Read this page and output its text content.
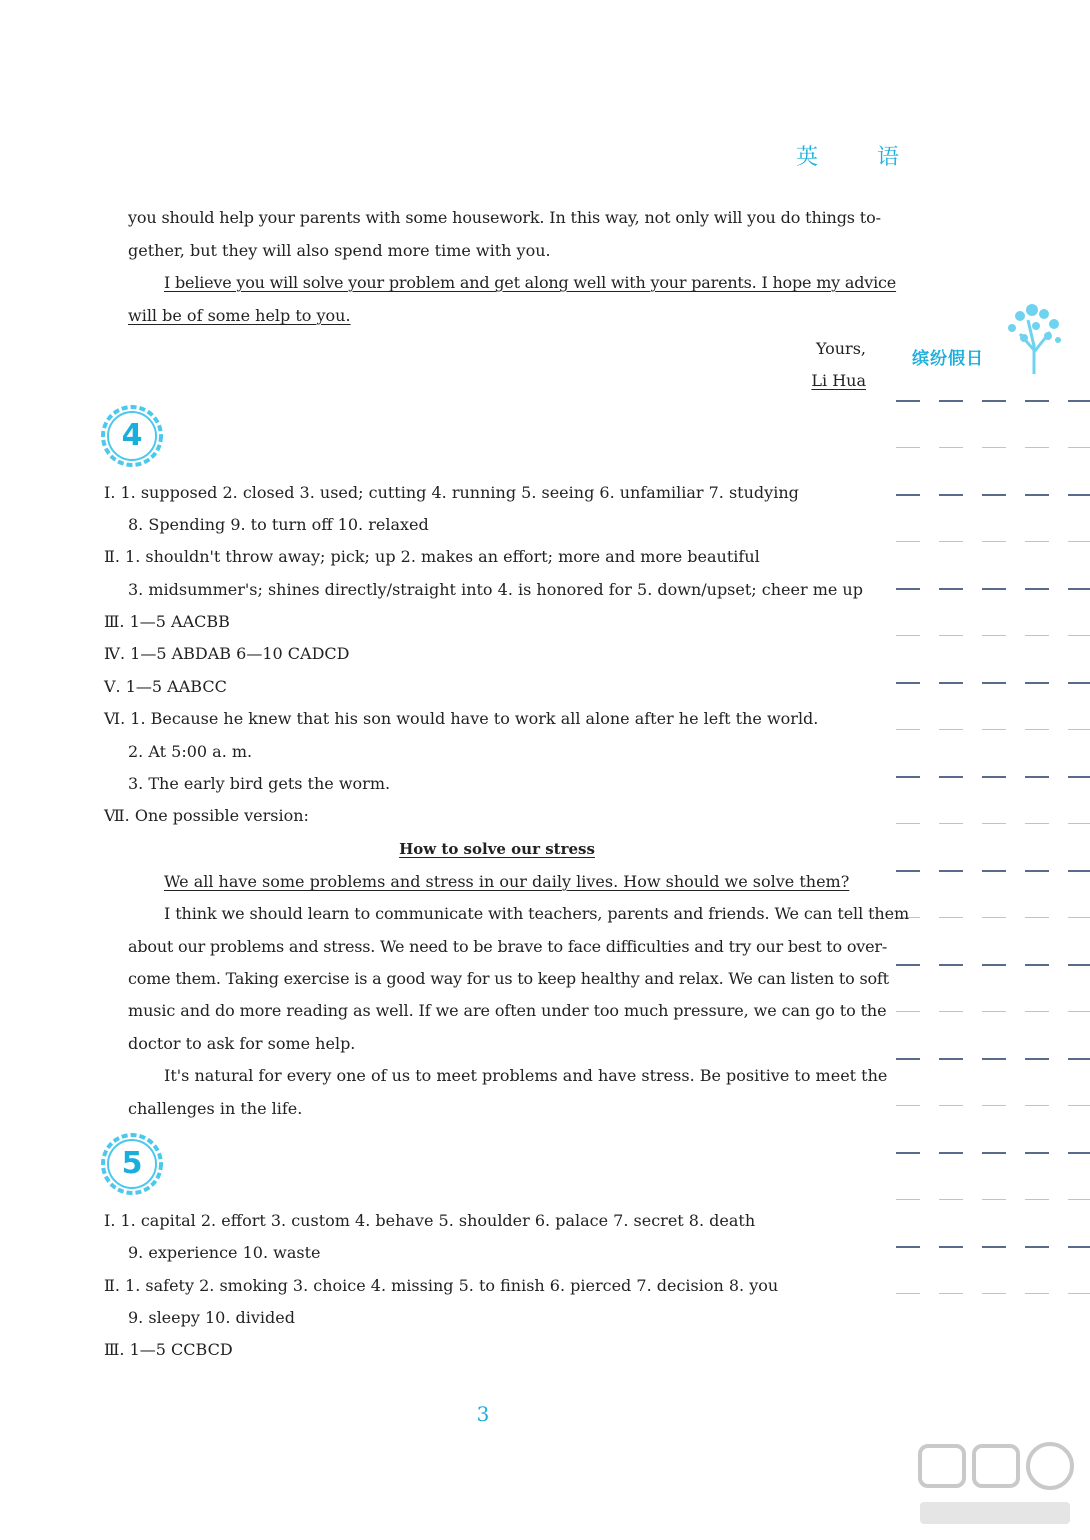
英 语
you should help your parents with some housework. In this way, not only will you do things to-
gether, but they will also spend more time with you.
I believe you will solve your problem and get along well with your parents. I hope my advice
will be of some help to you.
Yours,
Li Hua
缤纷假日
4
Ⅰ. 1. supposed 2. closed 3. used; cutting 4. running 5. seeing 6. unfamiliar 7. studying
8. Spending 9. to turn off 10. relaxed
Ⅱ. 1. shouldn't throw away; pick; up 2. makes an effort; more and more beautiful
3. midsummer's; shines directly/straight into 4. is honored for 5. down/upset; cheer me up
Ⅲ. 1—5 AACBB
Ⅳ. 1—5 ABDAB 6—10 CADCD
Ⅴ. 1—5 AABCC
Ⅵ. 1. Because he knew that his son would have to work all alone after he left the world.
2. At 5:00 a. m.
3. The early bird gets the worm.
Ⅶ. One possible version:
How to solve our stress
We all have some problems and stress in our daily lives. How should we solve them?
I think we should learn to communicate with teachers, parents and friends. We can tell them
about our problems and stress. We need to be brave to face difficulties and try our best to over-
come them. Taking exercise is a good way for us to keep healthy and relax. We can listen to soft
music and do more reading as well. If we are often under too much pressure, we can go to the
doctor to ask for some help.
It's natural for every one of us to meet problems and have stress. Be positive to meet the
challenges in the life.
5
Ⅰ. 1. capital 2. effort 3. custom 4. behave 5. shoulder 6. palace 7. secret 8. death
9. experience 10. waste
Ⅱ. 1. safety 2. smoking 3. choice 4. missing 5. to finish 6. pierced 7. decision 8. you
9. sleepy 10. divided
Ⅲ. 1—5 CCBCD
3
